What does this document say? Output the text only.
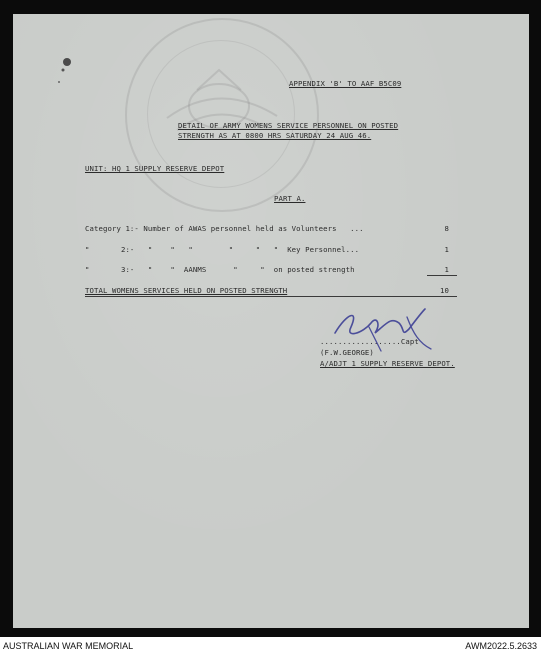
APPENDIX 'B' TO AAF B5C09
DETAIL OF ARMY WOMENS SERVICE PERSONNEL ON POSTED
STRENGTH AS AT 0800 HRS SATURDAY 24 AUG 46.
UNIT: HQ 1 SUPPLY RESERVE DEPOT
PART A.
Category 1:- Number of AWAS personnel held as Volunteers   ...	8
"       2:-   "    "   "        "     "   "  Key Personnel...	1
"       3:-   "    "  AANMS      "     "  on posted strength	1
TOTAL WOMENS SERVICES HELD ON POSTED STRENGTH	10
..................Capt
(F.W.GEORGE)
A/ADJT 1 SUPPLY RESERVE DEPOT.
AUSTRALIAN WAR MEMORIAL	AWM2022.5.2633
